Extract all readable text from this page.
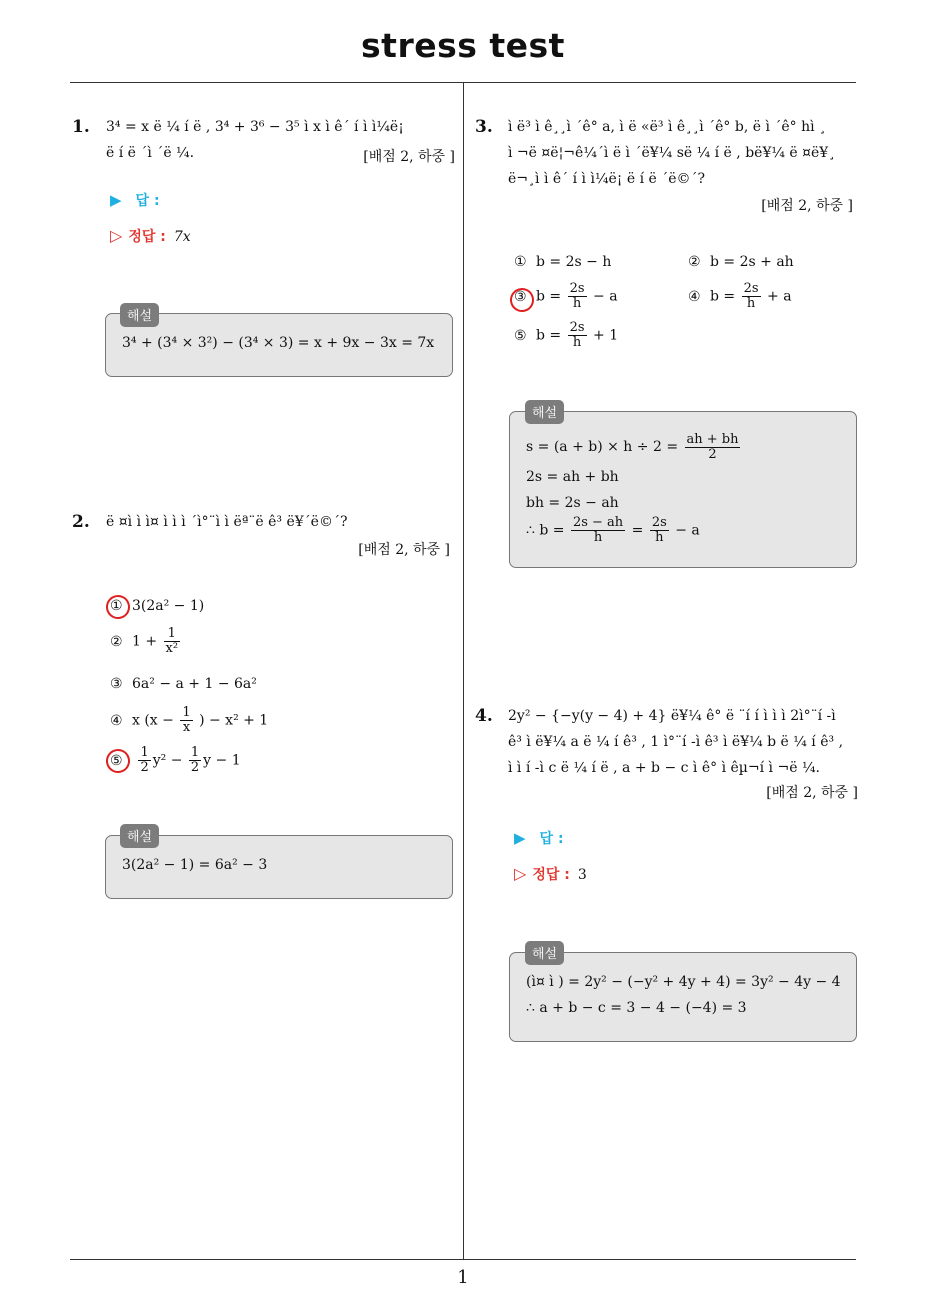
stress test
1
1. 3⁴ = x ë ¼ í ë , 3⁴ + 3⁶ − 3⁵ ì x ì ê´ í ì ì¼ë¡
ë í ë ´ì ´ë ¼.	[배점 2, 하중 ]
▶ 답 :
▷ 정답 : 7x
3⁴ + (3⁴ × 3²) − (3⁴ × 3) = x + 9x − 3x = 7x
해설
2. ë ¤ì ì ì¤ ì ì ì ´ì°¨ì ì ëª¨ë ê³ ë¥´ë©´?
[배점 2, 하중 ]
① 3(2a² − 1)
② $1 + \frac{1}{\text{x²}}$
③ 6a² − a + 1 − 6a²
④ x ($x - \frac{1}{x}$ ) − x² + 1
⑤ $\frac{1}{2} y^2 - \frac{1}{2}$ y − 1
3(2a² − 1) = 6a² − 3
해설
3. ì ë³ ì ê¸¸ì ´ê° a, ì ë «ë³ ì ê¸¸ì ´ê° b, ë ì ´ê° hì ¸
ì ¬ë ¤ë¦¬ê¼´ì ë ì ´ë¥¼ së ¼ í ë , bë¥¼ ë ¤ë¥¸
ë¬¸ì ì ê´ í ì ì¼ë¡ ë í ë ´ë©´?
[배점 2, 하중 ]
① b = 2s − h	② b = 2s + ah
③ $b = \frac{2s}{h} - a$	④ $b = \frac{2s}{h} + a$
⑤ $b = \frac{2s}{h} + 1$
$s = (a + b) \times h \div 2 = \frac{ah + bh}{2}$
2s = ah + bh
bh = 2s − ah
∴ $b = \frac{2s - ah}{h} = \frac{2s}{h} - a$
해설
4. 2y² − {−y(y − 4) + 4} ë¥¼ ê° ë ¨í í ì ì ì 2ì°¨í -ì
ê³ ì ë¥¼ a ë ¼ í ê³ , 1 ì°¨í -ì ê³ ì ë¥¼ b ë ¼ í ê³ ,
ì ì í -ì c ë ¼ í ë , a + b − c ì ê° ì êµ¬í ì ¬ë ¼.
[배점 2, 하중 ]
▶ 답 :
▷ 정답 : 3
(ì¤ ì ) = 2y² − (−y² + 4y + 4) = 3y² − 4y − 4
∴ a + b − c = 3 − 4 − (−4) = 3
해설
